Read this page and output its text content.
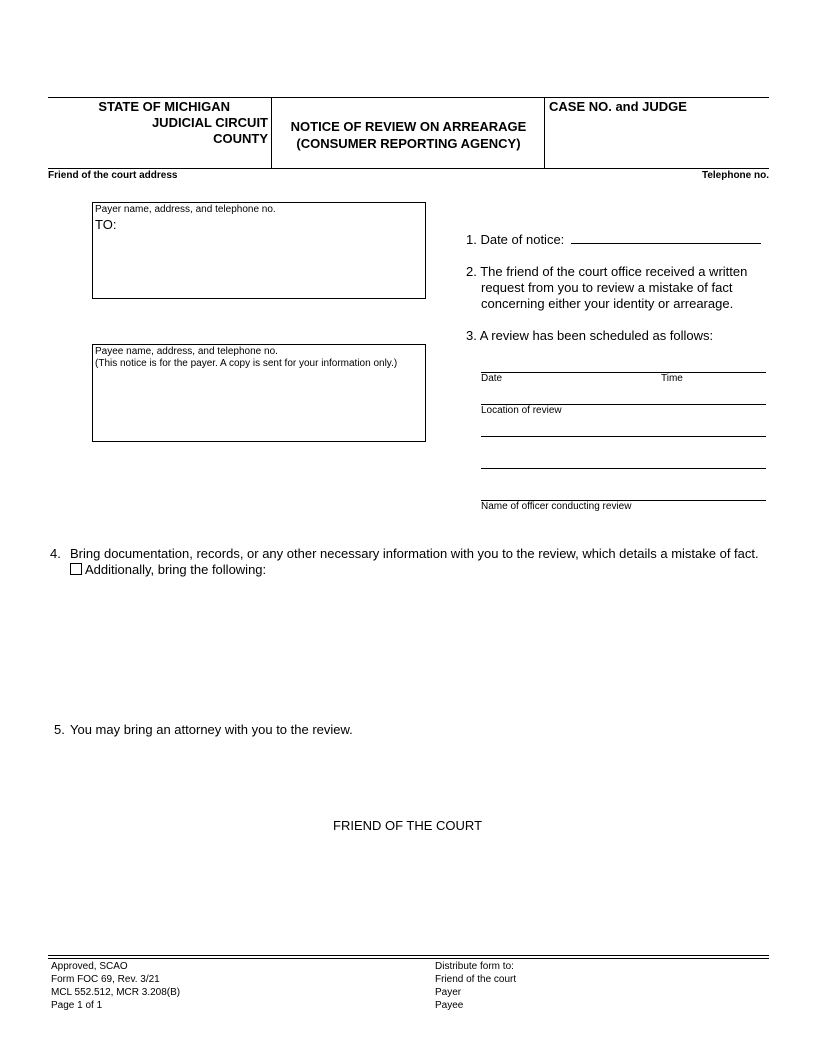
STATE OF MICHIGAN
JUDICIAL CIRCUIT
COUNTY
NOTICE OF REVIEW ON ARREARAGE
(CONSUMER REPORTING AGENCY)
CASE NO. and JUDGE
Friend of the court address	Telephone no.
Payer name, address, and telephone no.
TO:
Payee name, address, and telephone no.
(This notice is for the payer. A copy is sent for your information only.)
1. Date of notice:
2. The friend of the court office received a written
request from you to review a mistake of fact
concerning either your identity or arrearage.
3. A review has been scheduled as follows:
Date	Time
Location of review
Name of officer conducting review
4. Bring documentation, records, or any other necessary information with you to the review, which details a mistake of fact.
Additionally, bring the following:
5. You may bring an attorney with you to the review.
FRIEND OF THE COURT
Approved, SCAO
Form FOC 69, Rev. 3/21
MCL 552.512, MCR 3.208(B)
Page 1 of 1
Distribute form to:
Friend of the court
Payer
Payee
